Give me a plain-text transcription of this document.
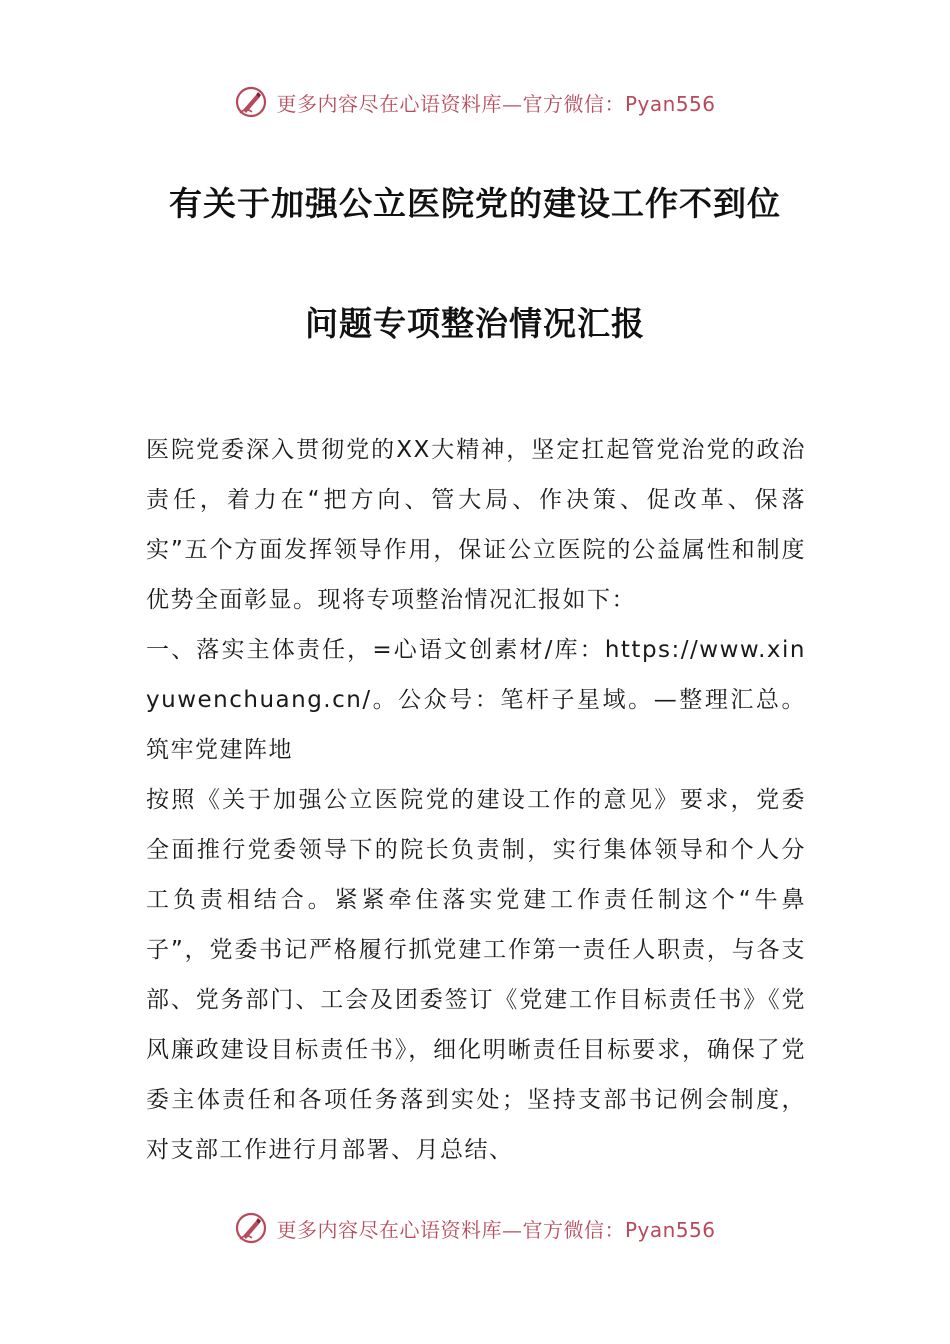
更多内容尽在心语资料库—官方微信：Pyan556
有关于加强公立医院党的建设工作不到位
问题专项整治情况汇报

医院党委深入贯彻党的XX大精神，坚定扛起管党治党的政治责任，着力在“把方向、管大局、作决策、促改革、保落实”五个方面发挥领导作用，保证公立医院的公益属性和制度优势全面彰显。现将专项整治情况汇报如下：

一、落实主体责任，=心语文创素材/库：https://www.xinyuwenchuang.cn/。公众号：笔杆子星域。—整理汇总。筑牢党建阵地

按照《关于加强公立医院党的建设工作的意见》要求，党委全面推行党委领导下的院长负责制，实行集体领导和个人分工负责相结合。紧紧牵住落实党建工作责任制这个“牛鼻子”，党委书记严格履行抓党建工作第一责任人职责，与各支部、党务部门、工会及团委签订《党建工作目标责任书》《党风廉政建设目标责任书》，细化明晰责任目标要求，确保了党委主体责任和各项任务落到实处；坚持支部书记例会制度，对支部工作进行月部署、月总结、

更多内容尽在心语资料库—官方微信：Pyan556
